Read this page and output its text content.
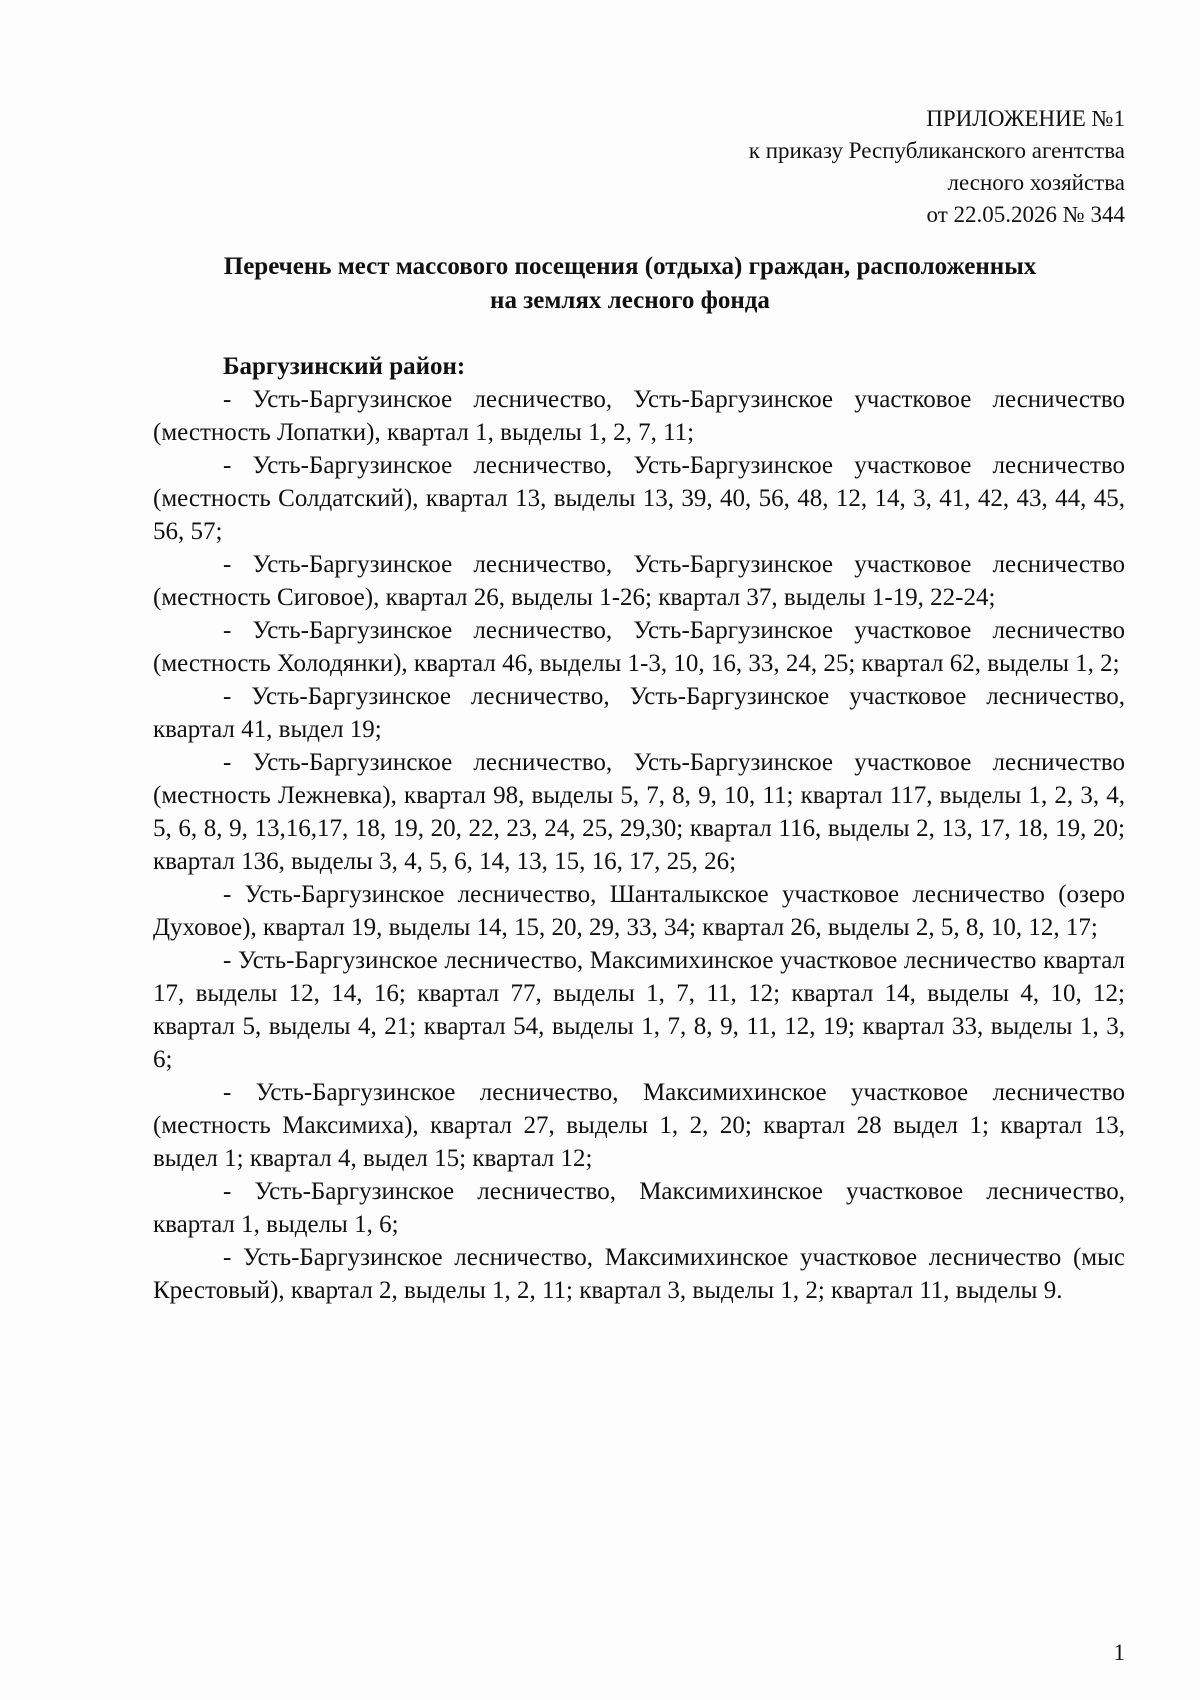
ПРИЛОЖЕНИЕ №1
к приказу Республиканского агентства
лесного хозяйства
от 22.05.2026 № 344
Перечень мест массового посещения (отдыха) граждан, расположенных
на землях лесного фонда
Баргузинский район:

- Усть-Баргузинское лесничество, Усть-Баргузинское участковое лесничество (местность Лопатки), квартал 1, выделы 1, 2, 7, 11;

- Усть-Баргузинское лесничество, Усть-Баргузинское участковое лесничество (местность Солдатский), квартал 13, выделы 13, 39, 40, 56, 48, 12, 14, 3, 41, 42, 43, 44, 45, 56, 57;

- Усть-Баргузинское лесничество, Усть-Баргузинское участковое лесничество (местность Сиговое), квартал 26, выделы 1-26; квартал 37, выделы 1-19, 22-24;

- Усть-Баргузинское лесничество, Усть-Баргузинское участковое лесничество (местность Холодянки), квартал 46, выделы 1-3, 10, 16, 33, 24, 25; квартал 62, выделы 1, 2;

- Усть-Баргузинское лесничество, Усть-Баргузинское участковое лесничество, квартал 41, выдел 19;

- Усть-Баргузинское лесничество, Усть-Баргузинское участковое лесничество (местность Лежневка), квартал 98, выделы 5, 7, 8, 9, 10, 11; квартал 117, выделы 1, 2, 3, 4, 5, 6, 8, 9, 13,16,17, 18, 19, 20, 22, 23, 24, 25, 29,30; квартал 116, выделы 2, 13, 17, 18, 19, 20; квартал 136, выделы 3, 4, 5, 6, 14, 13, 15, 16, 17, 25, 26;

- Усть-Баргузинское лесничество, Шанталыкское участковое лесничество (озеро Духовое), квартал 19, выделы 14, 15, 20, 29, 33, 34; квартал 26, выделы 2, 5, 8, 10, 12, 17;

- Усть-Баргузинское лесничество, Максимихинское участковое лесничество квартал 17, выделы 12, 14, 16; квартал 77, выделы 1, 7, 11, 12; квартал 14, выделы 4, 10, 12; квартал 5, выделы 4, 21; квартал 54, выделы 1, 7, 8, 9, 11, 12, 19; квартал 33, выделы 1, 3, 6;

- Усть-Баргузинское лесничество, Максимихинское участковое лесничество (местность Максимиха), квартал 27, выделы 1, 2, 20; квартал 28 выдел 1; квартал 13, выдел 1; квартал 4, выдел 15; квартал 12;

- Усть-Баргузинское лесничество, Максимихинское участковое лесничество, квартал 1, выделы 1, 6;

- Усть-Баргузинское лесничество, Максимихинское участковое лесничество (мыс Крестовый), квартал 2, выделы 1, 2, 11; квартал 3, выделы 1, 2; квартал 11, выделы 9.

1
